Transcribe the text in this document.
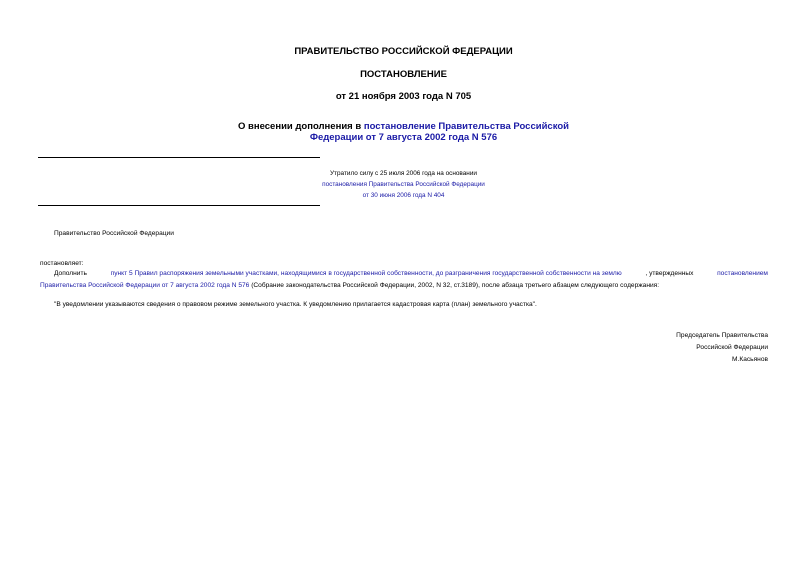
ПРАВИТЕЛЬСТВО РОССИЙСКОЙ ФЕДЕРАЦИИ
ПОСТАНОВЛЕНИЕ
от 21 ноября 2003 года N 705
О внесении дополнения в постановление Правительства Российской
Федерации от 7 августа 2002 года N 576
Утратило силу с 25 июля 2006 года на основании
постановления Правительства Российской Федерации
от 30 июня 2006 года N 404
Правительство Российской Федерации
постановляет:
Дополнить	пункт 5 Правил распоряжения земельными участками, находящимися в государственной собственности, до разграничения государственной собственности на землю	, утвержденных	постановлением
Правительства Российской Федерации от 7 августа 2002 года N 576 (Собрание законодательства Российской Федерации, 2002, N 32, ст.3189), после абзаца третьего абзацем следующего содержания:
"В уведомлении указываются сведения о правовом режиме земельного участка. К уведомлению прилагается кадастровая карта (план) земельного участка".
Председатель Правительства
Российской Федерации
М.Касьянов
